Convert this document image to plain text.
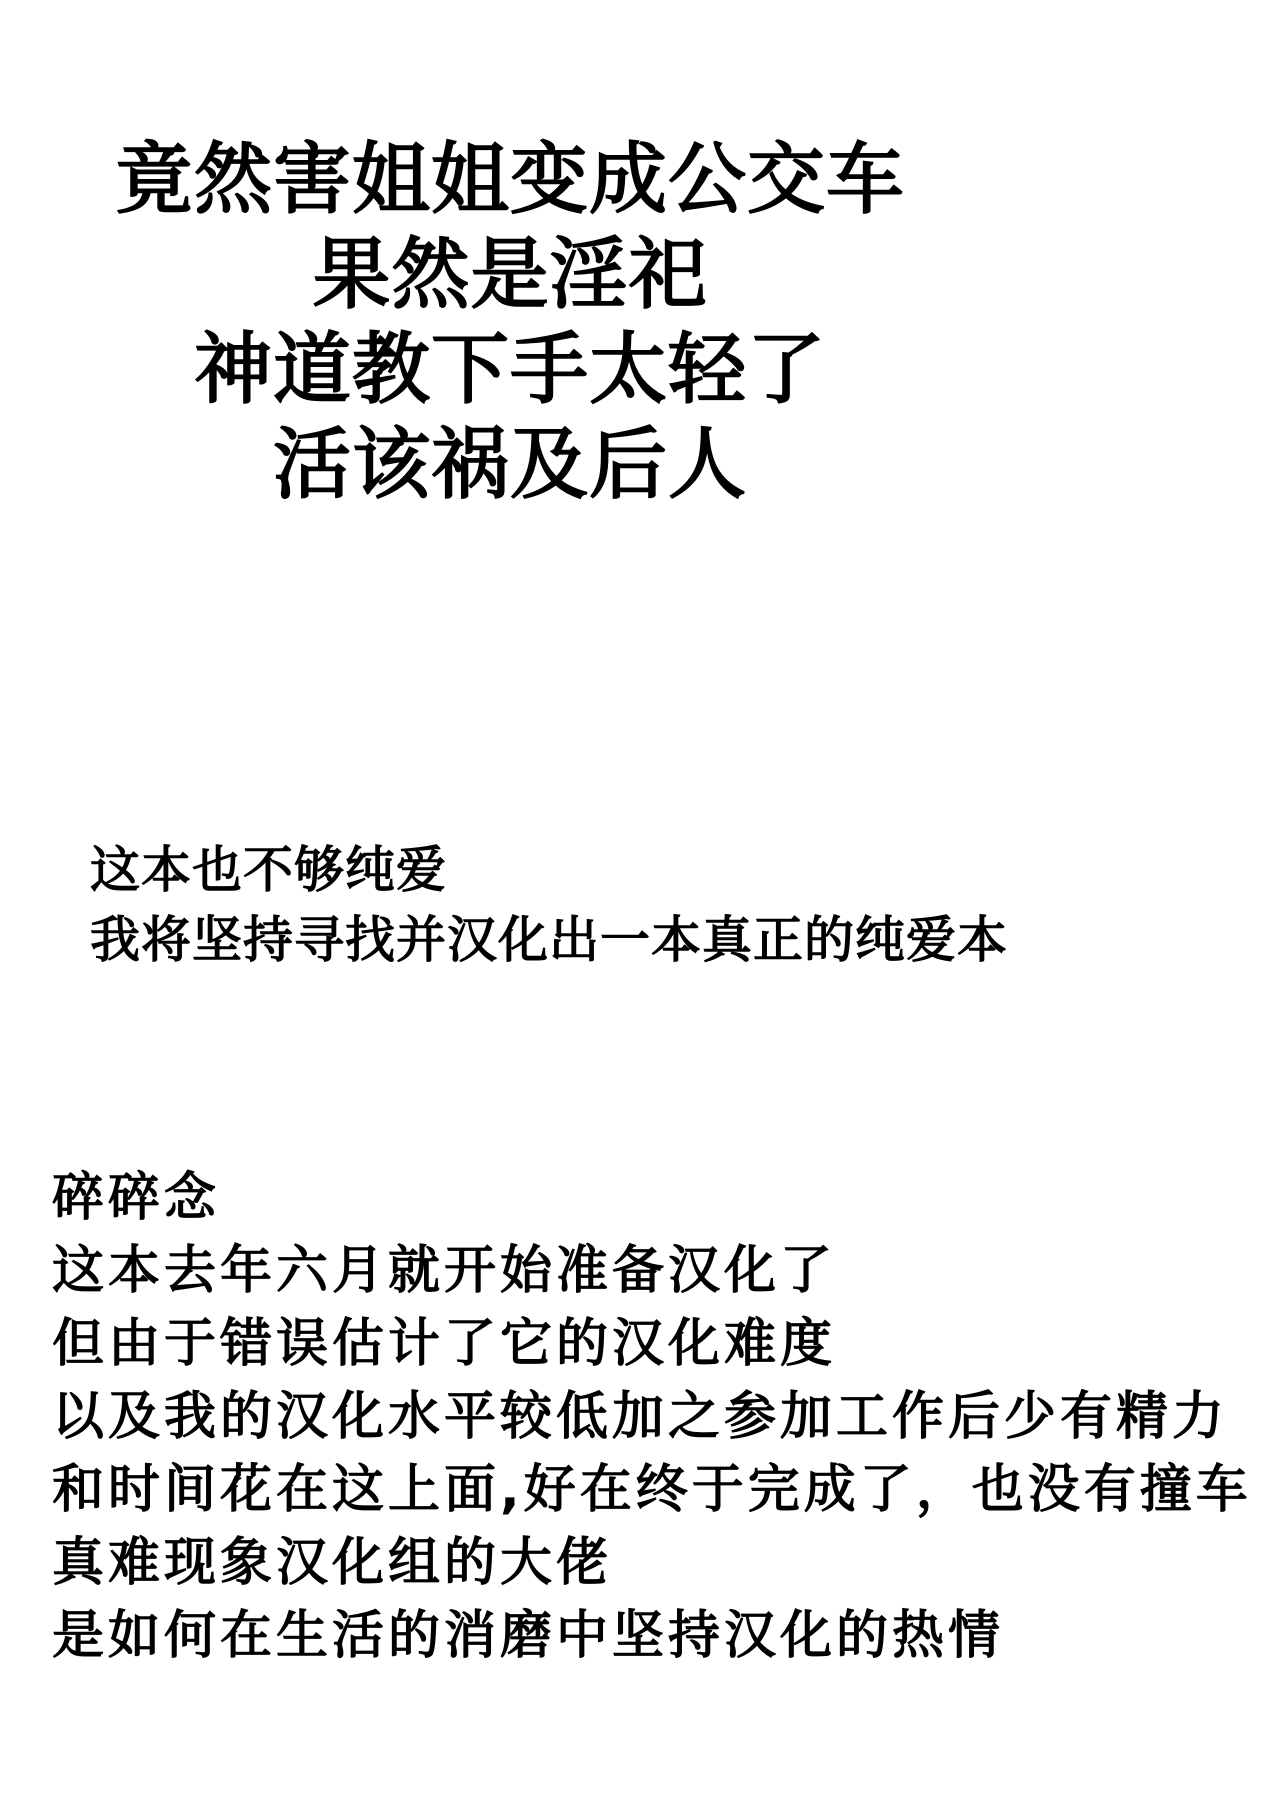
竟然害姐姐变成公交车
果然是淫祀
神道教下手太轻了
活该祸及后人
这本也不够纯爱
我将坚持寻找并汉化出一本真正的纯爱本
碎碎念
这本去年六月就开始准备汉化了
但由于错误估计了它的汉化难度
以及我的汉化水平较低加之参加工作后少有精力
和时间花在这上面,好在终于完成了，也没有撞车
真难现象汉化组的大佬
是如何在生活的消磨中坚持汉化的热情
